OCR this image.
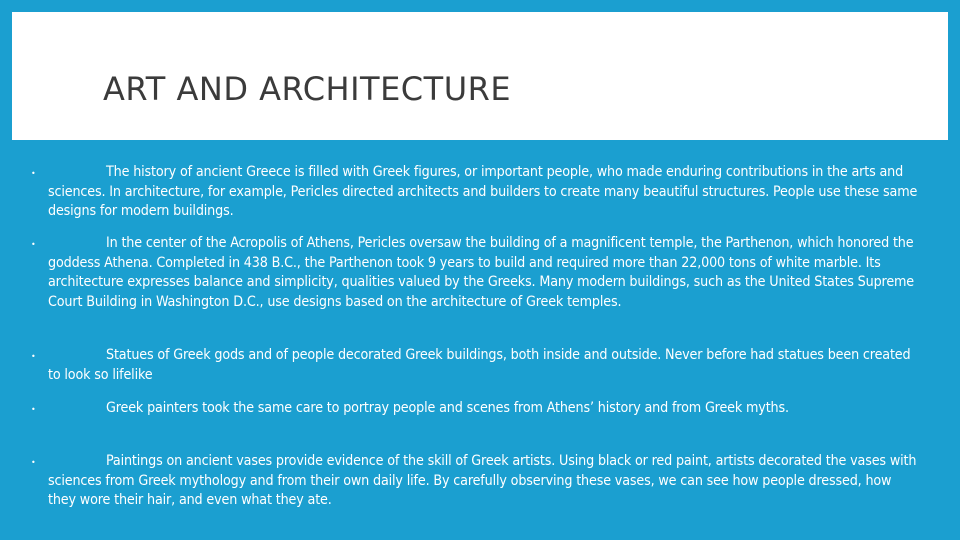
ART AND ARCHITECTURE
•	The history of ancient Greece is filled with Greek figures, or important people, who made enduring contributions in the arts and sciences. In architecture, for example, Pericles directed architects and builders to create many beautiful structures. People use these same designs for modern buildings.

•	In the center of the Acropolis of Athens, Pericles oversaw the building of a magnificent temple, the Parthenon, which honored the goddess Athena. Completed in 438 B.C., the Parthenon took 9 years to build and required more than 22,000 tons of white marble. Its architecture expresses balance and simplicity, qualities valued by the Greeks. Many modern buildings, such as the United States Supreme Court Building in Washington D.C., use designs based on the architecture of Greek temples.

•	Statues of Greek gods and of people decorated Greek buildings, both inside and outside. Never before had statues been created to look so lifelike

•	Greek painters took the same care to portray people and scenes from Athens’ history and from Greek myths.

•	Paintings on ancient vases provide evidence of the skill of Greek artists. Using black or red paint, artists decorated the vases with sciences from Greek mythology and from their own daily life. By carefully observing these vases, we can see how people dressed, how they wore their hair, and even what they ate.
